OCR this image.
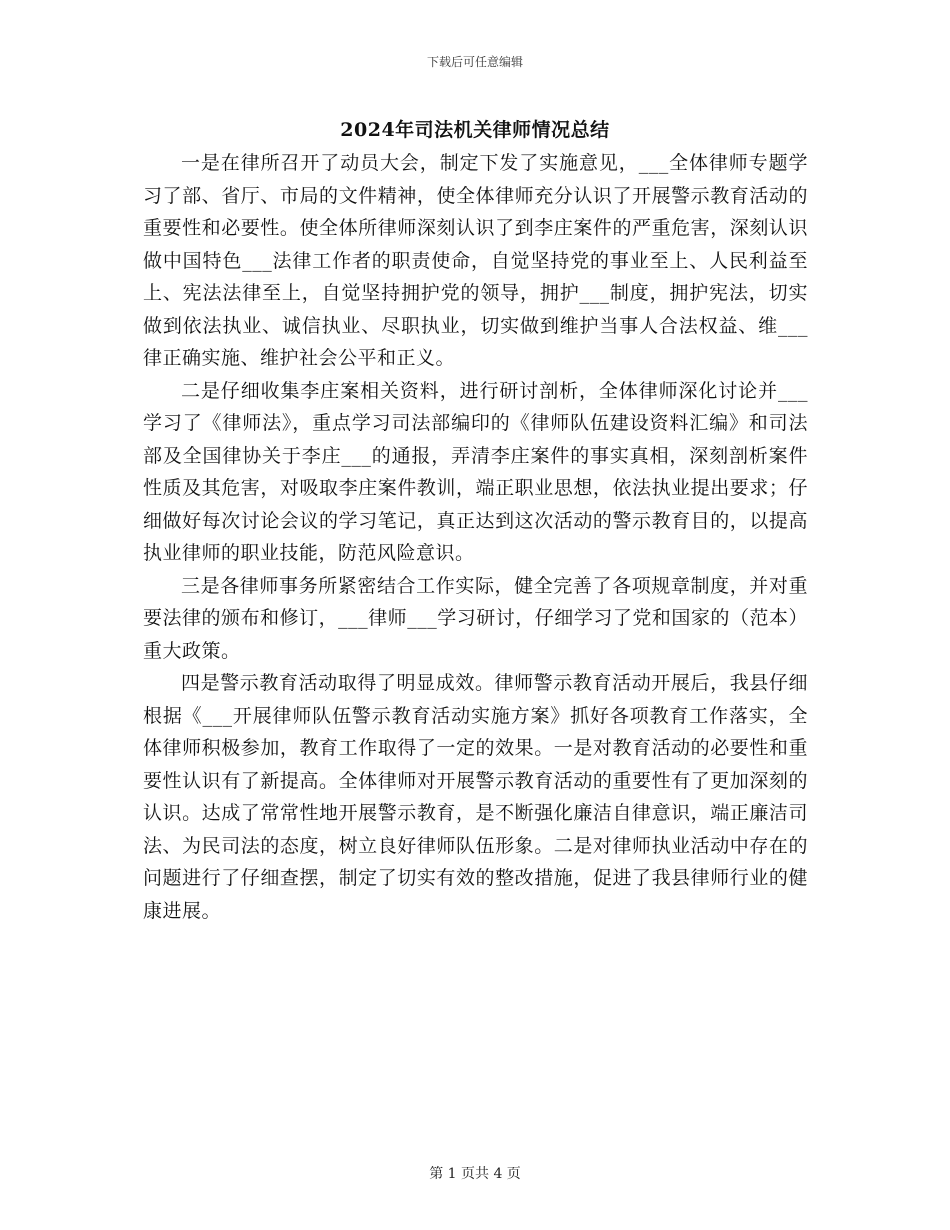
下载后可任意编辑
2024年司法机关律师情况总结

一是在律所召开了动员大会，制定下发了实施意见，___全体律师专题学习了部、省厅、市局的文件精神，使全体律师充分认识了开展警示教育活动的重要性和必要性。使全体所律师深刻认识了到李庄案件的严重危害，深刻认识做中国特色___法律工作者的职责使命，自觉坚持党的事业至上、人民利益至上、宪法法律至上，自觉坚持拥护党的领导，拥护___制度，拥护宪法，切实做到依法执业、诚信执业、尽职执业，切实做到维护当事人合法权益、维___律正确实施、维护社会公平和正义。

二是仔细收集李庄案相关资料，进行研讨剖析，全体律师深化讨论并___学习了《律师法》，重点学习司法部编印的《律师队伍建设资料汇编》和司法部及全国律协关于李庄___的通报，弄清李庄案件的事实真相，深刻剖析案件性质及其危害，对吸取李庄案件教训，端正职业思想，依法执业提出要求；仔细做好每次讨论会议的学习笔记，真正达到这次活动的警示教育目的，以提高执业律师的职业技能，防范风险意识。

三是各律师事务所紧密结合工作实际，健全完善了各项规章制度，并对重要法律的颁布和修订，___律师___学习研讨，仔细学习了党和国家的（范本）重大政策。

四是警示教育活动取得了明显成效。律师警示教育活动开展后，我县仔细根据《___开展律师队伍警示教育活动实施方案》抓好各项教育工作落实，全体律师积极参加，教育工作取得了一定的效果。一是对教育活动的必要性和重要性认识有了新提高。全体律师对开展警示教育活动的重要性有了更加深刻的认识。达成了常常性地开展警示教育，是不断强化廉洁自律意识，端正廉洁司法、为民司法的态度，树立良好律师队伍形象。二是对律师执业活动中存在的问题进行了仔细查摆，制定了切实有效的整改措施，促进了我县律师行业的健康进展。

第 1 页共 4 页
